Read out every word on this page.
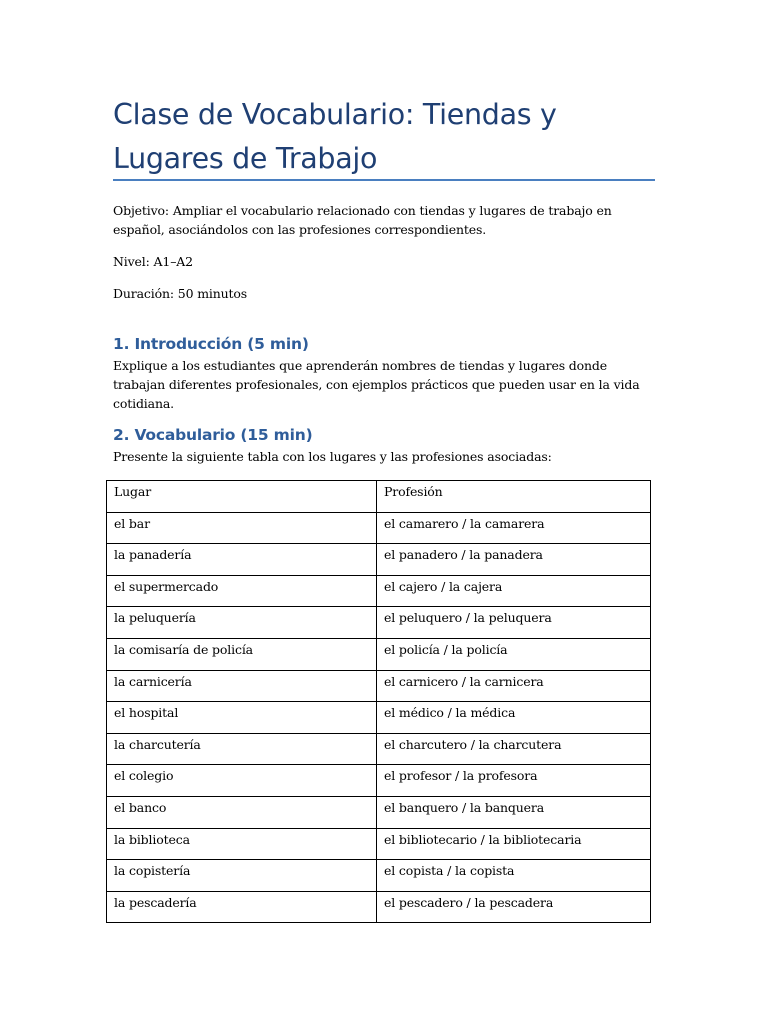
Clase de Vocabulario: Tiendas y Lugares de Trabajo

Objetivo: Ampliar el vocabulario relacionado con tiendas y lugares de trabajo en español, asociándolos con las profesiones correspondientes.

Nivel: A1–A2

Duración: 50 minutos

1. Introducción (5 min)

Explique a los estudiantes que aprenderán nombres de tiendas y lugares donde trabajan diferentes profesionales, con ejemplos prácticos que pueden usar en la vida cotidiana.

2. Vocabulario (15 min)

Presente la siguiente tabla con los lugares y las profesiones asociadas:

Lugar	Profesión
el bar	el camarero / la camarera
la panadería	el panadero / la panadera
el supermercado	el cajero / la cajera
la peluquería	el peluquero / la peluquera
la comisaría de policía	el policía / la policía
la carnicería	el carnicero / la carnicera
el hospital	el médico / la médica
la charcutería	el charcutero / la charcutera
el colegio	el profesor / la profesora
el banco	el banquero / la banquera
la biblioteca	el bibliotecario / la bibliotecaria
la copistería	el copista / la copista
la pescadería	el pescadero / la pescadera
